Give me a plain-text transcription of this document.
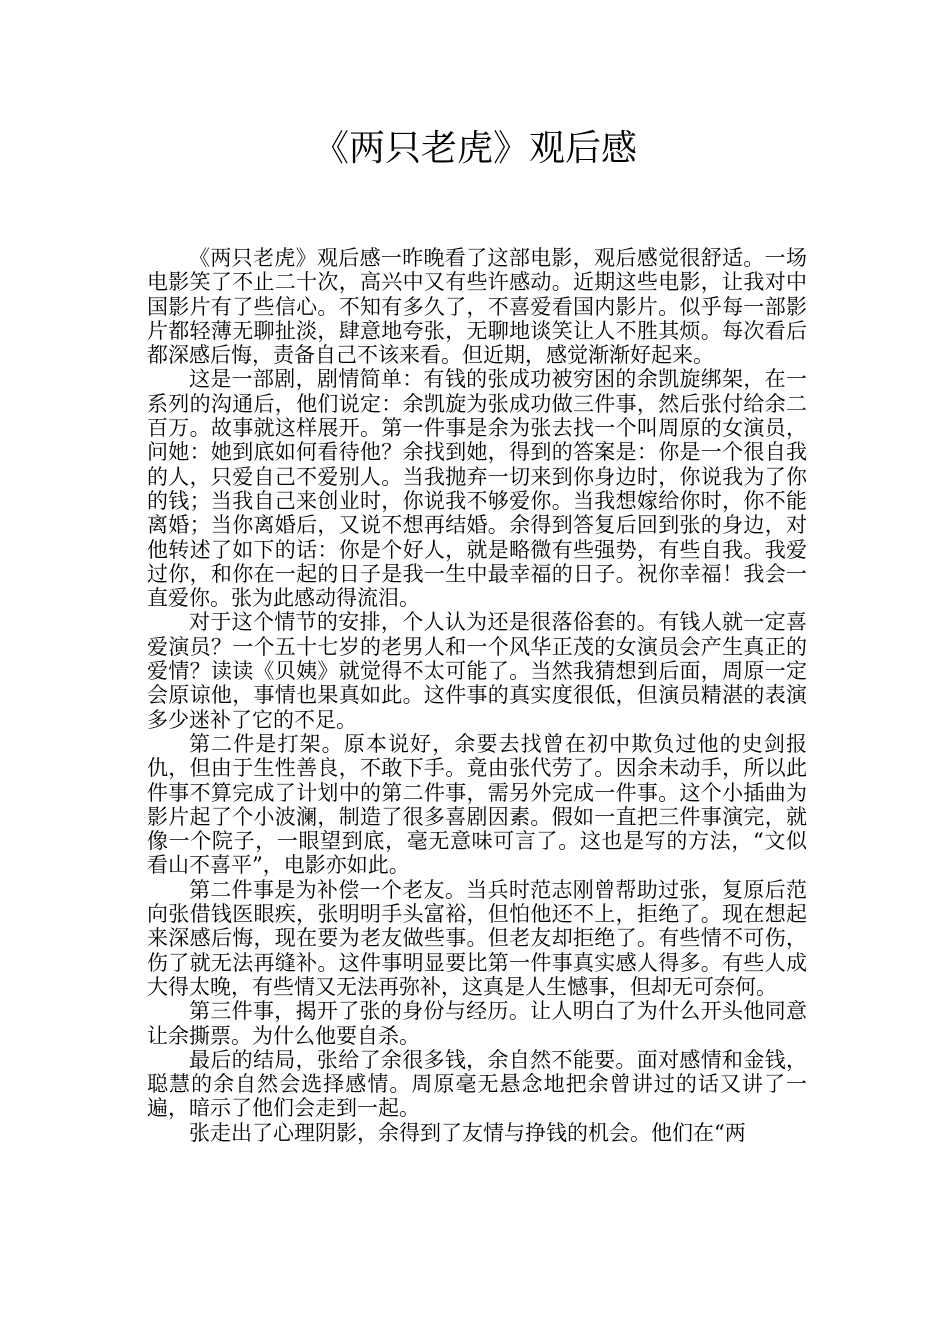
《两只老虎》观后感

《两只老虎》观后感一昨晚看了这部电影，观后感觉很舒适。一场电影笑了不止二十次，高兴中又有些许感动。近期这些电影，让我对中国影片有了些信心。不知有多久了，不喜爱看国内影片。似乎每一部影片都轻薄无聊扯淡，肆意地夸张，无聊地谈笑让人不胜其烦。每次看后都深感后悔，责备自己不该来看。但近期，感觉渐渐好起来。

这是一部剧，剧情简单：有钱的张成功被穷困的余凯旋绑架，在一系列的沟通后，他们说定：余凯旋为张成功做三件事，然后张付给余二百万。故事就这样展开。第一件事是余为张去找一个叫周原的女演员，问她：她到底如何看待他？余找到她，得到的答案是：你是一个很自我的人，只爱自己不爱别人。当我抛弃一切来到你身边时，你说我为了你的钱；当我自己来创业时，你说我不够爱你。当我想嫁给你时，你不能离婚；当你离婚后，又说不想再结婚。余得到答复后回到张的身边，对他转述了如下的话：你是个好人，就是略微有些强势，有些自我。我爱过你，和你在一起的日子是我一生中最幸福的日子。祝你幸福！我会一直爱你。张为此感动得流泪。

对于这个情节的安排，个人认为还是很落俗套的。有钱人就一定喜爱演员？一个五十七岁的老男人和一个风华正茂的女演员会产生真正的爱情？读读《贝姨》就觉得不太可能了。当然我猜想到后面，周原一定会原谅他，事情也果真如此。这件事的真实度很低，但演员精湛的表演多少迷补了它的不足。

第二件是打架。原本说好，余要去找曾在初中欺负过他的史剑报仇，但由于生性善良，不敢下手。竟由张代劳了。因余未动手，所以此件事不算完成了计划中的第二件事，需另外完成一件事。这个小插曲为影片起了个小波澜，制造了很多喜剧因素。假如一直把三件事演完，就像一个院子，一眼望到底，毫无意味可言了。这也是写的方法，“文似看山不喜平”，电影亦如此。

第二件事是为补偿一个老友。当兵时范志刚曾帮助过张，复原后范向张借钱医眼疾，张明明手头富裕，但怕他还不上，拒绝了。现在想起来深感后悔，现在要为老友做些事。但老友却拒绝了。有些情不可伤，伤了就无法再缝补。这件事明显要比第一件事真实感人得多。有些人成大得太晚，有些情又无法再弥补，这真是人生憾事，但却无可奈何。

第三件事，揭开了张的身份与经历。让人明白了为什么开头他同意让余撕票。为什么他要自杀。

最后的结局，张给了余很多钱，余自然不能要。面对感情和金钱，聪慧的余自然会选择感情。周原毫无悬念地把余曾讲过的话又讲了一遍，暗示了他们会走到一起。

张走出了心理阴影，余得到了友情与挣钱的机会。他们在“两
